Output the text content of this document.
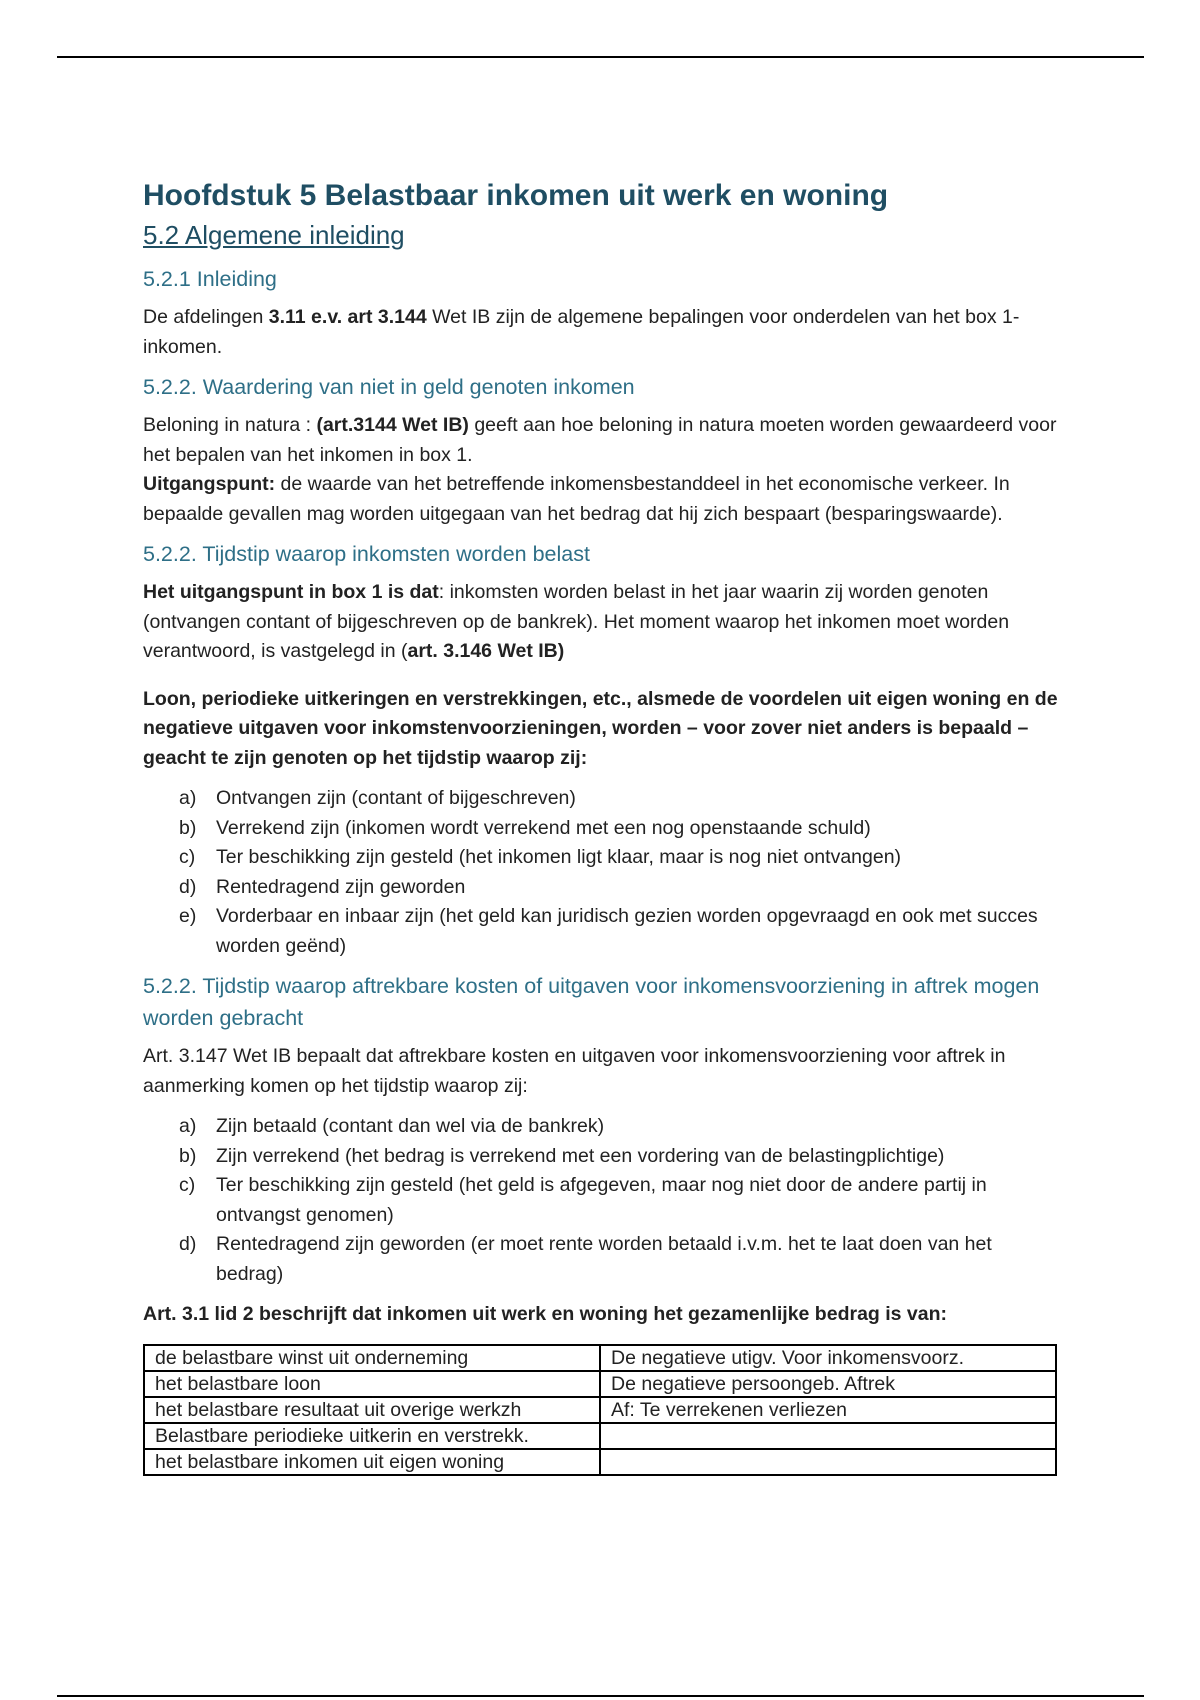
Hoofdstuk 5 Belastbaar inkomen uit werk en woning
5.2 Algemene inleiding
5.2.1 Inleiding

De afdelingen 3.11 e.v. art 3.144 Wet IB zijn de algemene bepalingen voor onderdelen van het box 1-inkomen.

5.2.2. Waardering van niet in geld genoten inkomen

Beloning in natura : (art.3144 Wet IB) geeft aan hoe beloning in natura moeten worden gewaardeerd voor het bepalen van het inkomen in box 1.

Uitgangspunt: de waarde van het betreffende inkomensbestanddeel in het economische verkeer. In bepaalde gevallen mag worden uitgegaan van het bedrag dat hij zich bespaart (besparingswaarde).

5.2.2. Tijdstip waarop inkomsten worden belast

Het uitgangspunt in box 1 is dat: inkomsten worden belast in het jaar waarin zij worden genoten (ontvangen contant of bijgeschreven op de bankrek). Het moment waarop het inkomen moet worden verantwoord, is vastgelegd in (art. 3.146 Wet IB)

Loon, periodieke uitkeringen en verstrekkingen, etc., alsmede de voordelen uit eigen woning en de negatieve uitgaven voor inkomstenvoorzieningen, worden – voor zover niet anders is bepaald – geacht te zijn genoten op het tijdstip waarop zij:

a)	Ontvangen zijn (contant of bijgeschreven)
b)	Verrekend zijn (inkomen wordt verrekend met een nog openstaande schuld)
c)	Ter beschikking zijn gesteld (het inkomen ligt klaar, maar is nog niet ontvangen)
d)	Rentedragend zijn geworden
e)	Vorderbaar en inbaar zijn (het geld kan juridisch gezien worden opgevraagd en ook met succes worden geënd)
5.2.2. Tijdstip waarop aftrekbare kosten of uitgaven voor inkomensvoorziening in aftrek mogen worden gebracht

Art. 3.147 Wet IB bepaalt dat aftrekbare kosten en uitgaven voor inkomensvoorziening voor aftrek in aanmerking komen op het tijdstip waarop zij:

a)	Zijn betaald (contant dan wel via de bankrek)
b)	Zijn verrekend (het bedrag is verrekend met een vordering van de belastingplichtige)
c)	Ter beschikking zijn gesteld (het geld is afgegeven, maar nog niet door de andere partij in ontvangst genomen)
d)	Rentedragend zijn geworden (er moet rente worden betaald i.v.m. het te laat doen van het bedrag)

Art. 3.1 lid 2 beschrijft dat inkomen uit werk en woning het gezamenlijke bedrag is van:

de belastbare winst uit onderneming	De negatieve utigv. Voor inkomensvoorz.
het belastbare loon	De negatieve persoongeb. Aftrek
het belastbare resultaat uit overige werkzh	Af: Te verrekenen verliezen
Belastbare periodieke uitkerin en verstrekk.	
het belastbare inkomen uit eigen woning	
